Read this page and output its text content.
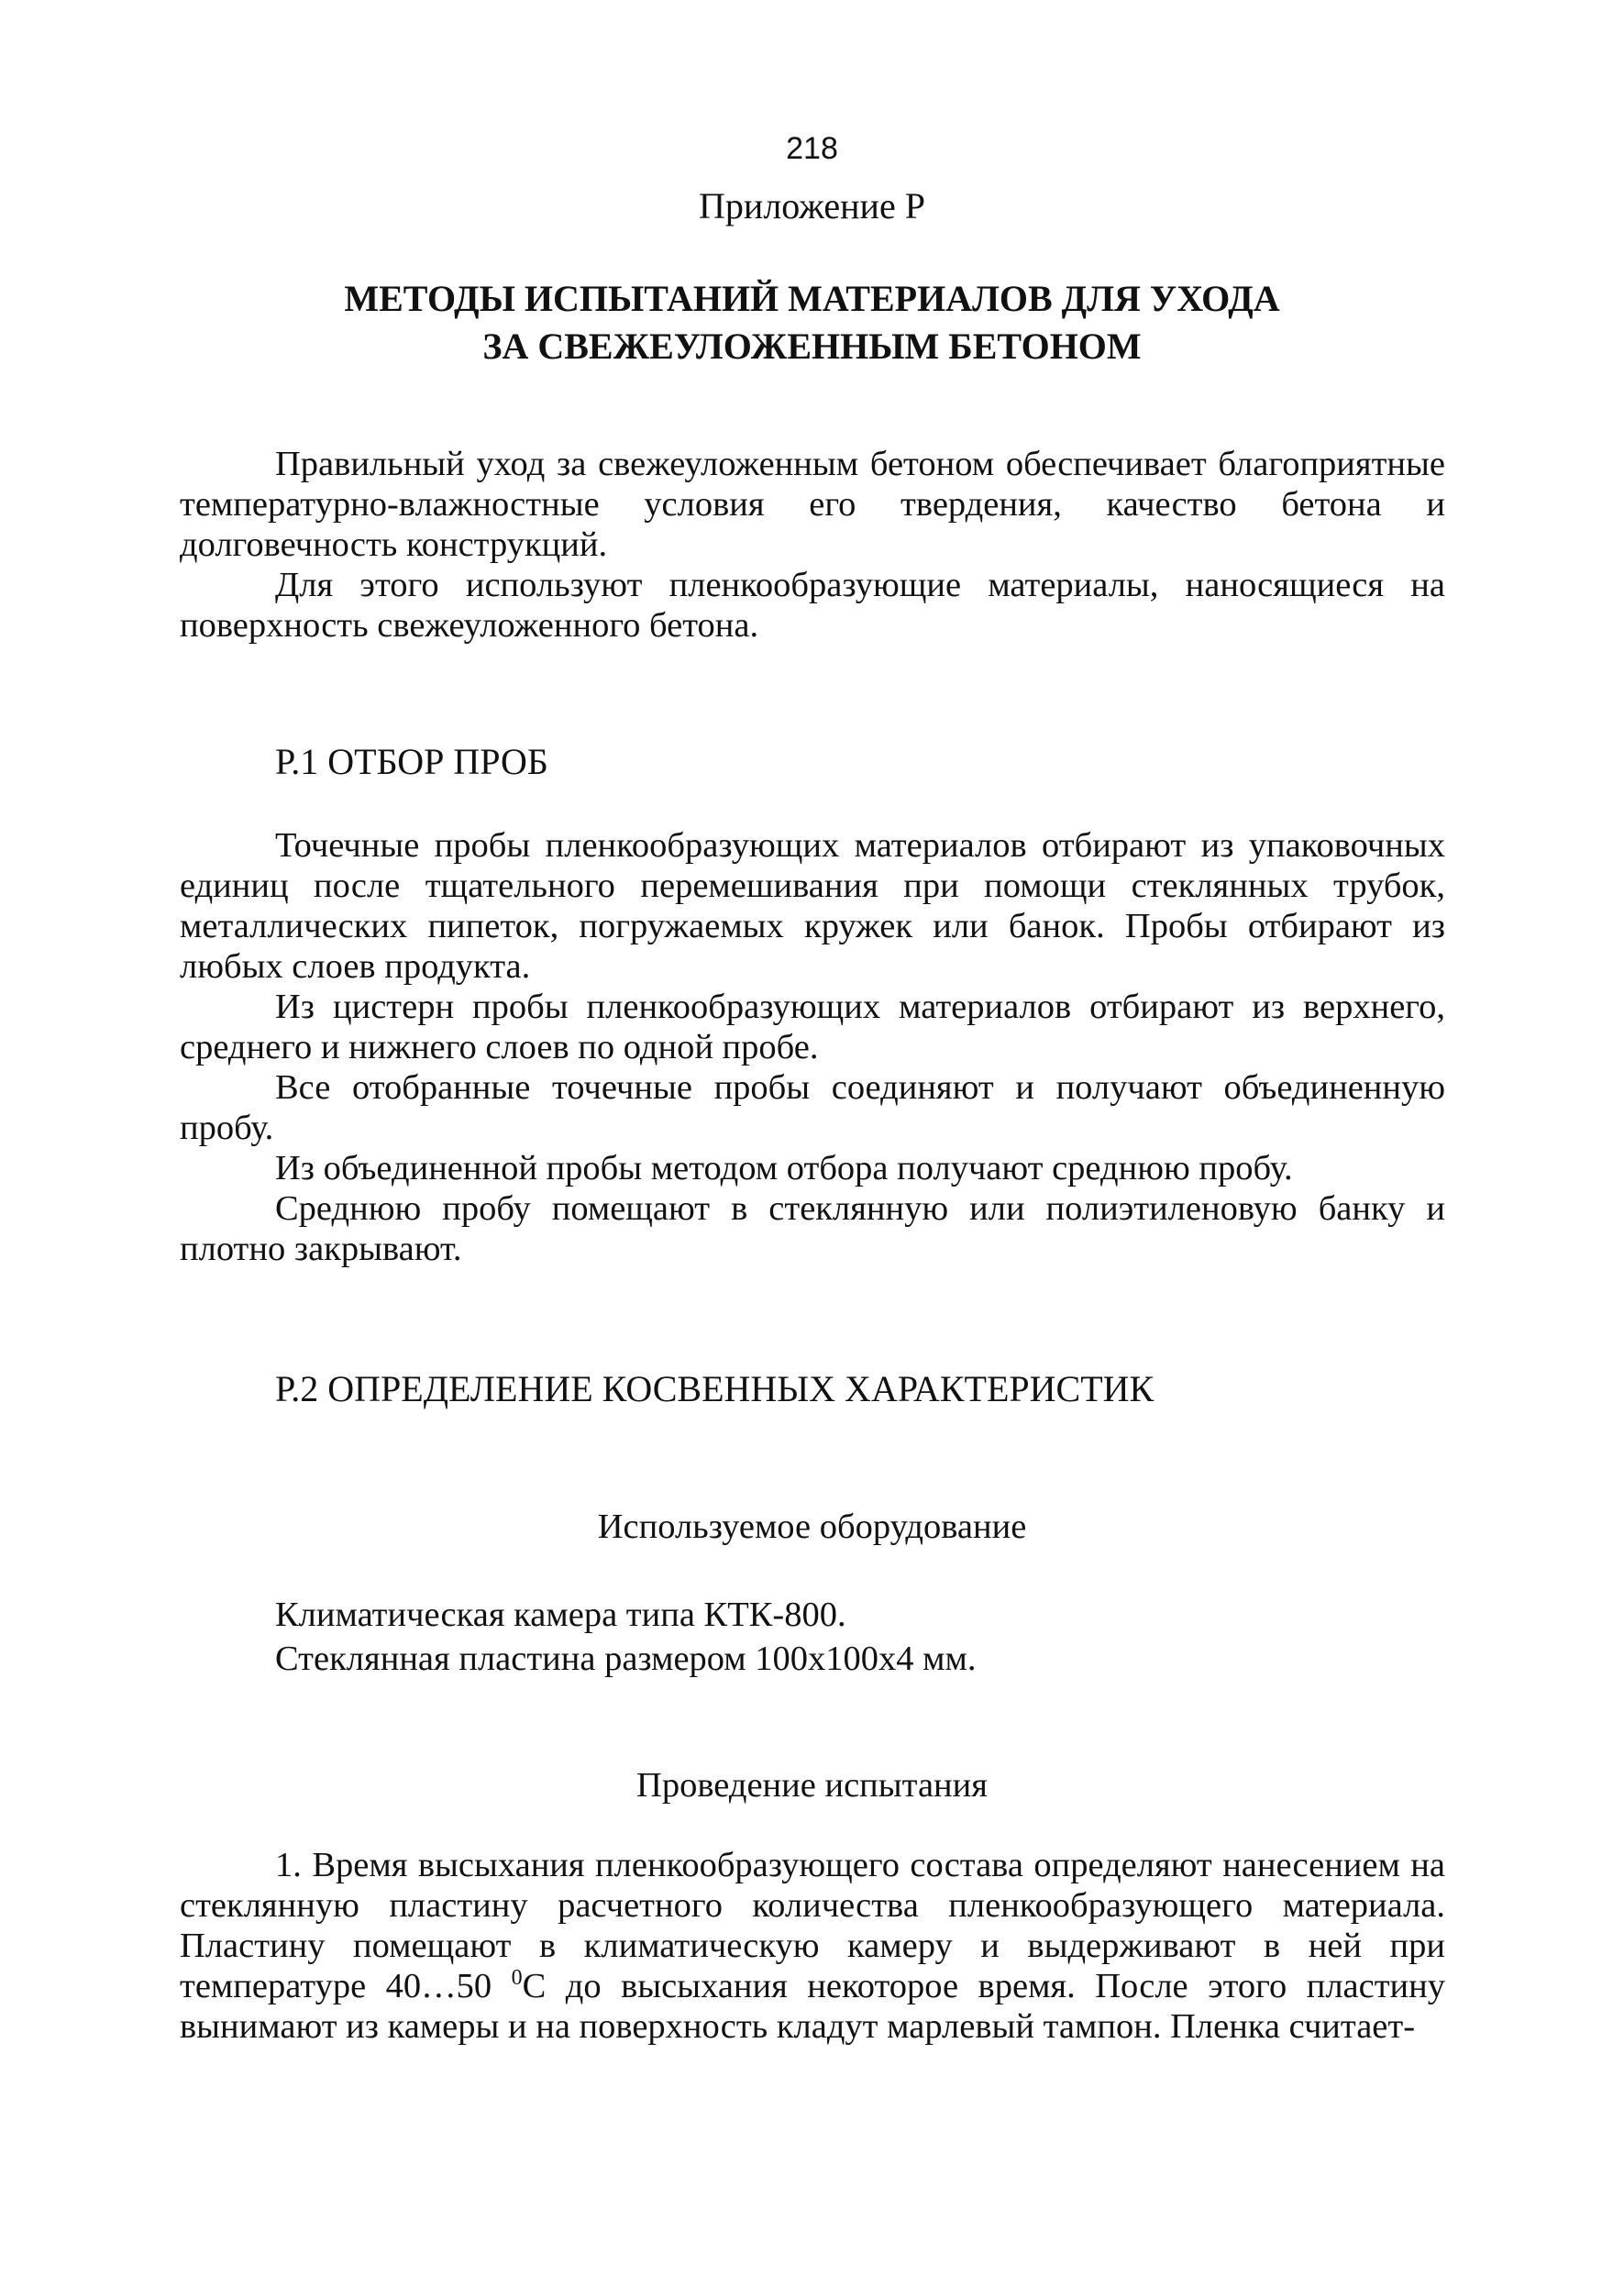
218
Приложение Р
МЕТОДЫ ИСПЫТАНИЙ МАТЕРИАЛОВ ДЛЯ УХОДА
ЗА СВЕЖЕУЛОЖЕННЫМ БЕТОНОМ

Правильный уход за свежеуложенным бетоном обеспечивает благоприятные температурно-влажностные условия его твердения, качество бетона и долговечность конструкций.

Для этого используют пленкообразующие материалы, наносящиеся на поверхность свежеуложенного бетона.

Р.1 ОТБОР ПРОБ

Точечные пробы пленкообразующих материалов отбирают из упаковочных единиц после тщательного перемешивания при помощи стеклянных трубок, металлических пипеток, погружаемых кружек или банок. Пробы отбирают из любых слоев продукта.

Из цистерн пробы пленкообразующих материалов отбирают из верхнего, среднего и нижнего слоев по одной пробе.

Все отобранные точечные пробы соединяют и получают объединенную пробу.

Из объединенной пробы методом отбора получают среднюю пробу.

Среднюю пробу помещают в стеклянную или полиэтиленовую банку и плотно закрывают.

Р.2 ОПРЕДЕЛЕНИЕ КОСВЕННЫХ ХАРАКТЕРИСТИК
Используемое оборудование
Климатическая камера типа КТК-800.
Стеклянная пластина размером 100x100x4 мм.
Проведение испытания

1. Время высыхания пленкообразующего состава определяют нанесением на стеклянную пластину расчетного количества пленкообразующего материала. Пластину помещают в климатическую камеру и выдерживают в ней при температуре 40…50 $^0$С до высыхания некоторое время. После этого пластину вынимают из камеры и на поверхность кладут марлевый тампон. Пленка считает-
